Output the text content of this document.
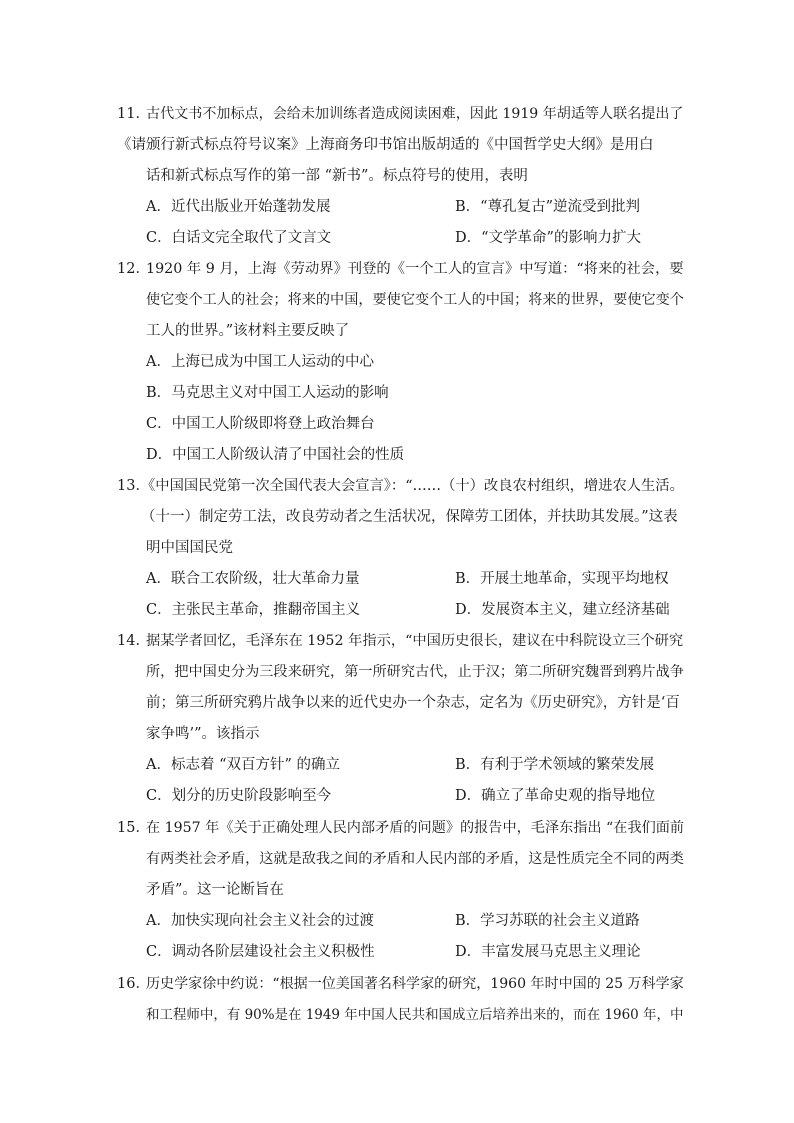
11．
古代文书不加标点，会给未加训练者造成阅读困难，因此 1919 年胡适等人联名提出了
《请颁行新式标点符号议案》上海商务印书馆出版胡适的《中国哲学史大纲》是用白
话和新式标点写作的第一部 “新书”。标点符号的使用，表明
A．近代出版业开始蓬勃发展	B．“尊孔复古”逆流受到批判
C．白话文完全取代了文言文	D．“文学革命”的影响力扩大
12．
1920 年 9 月，上海《劳动界》刊登的《一个工人的宣言》中写道：“将来的社会，要
使它变个工人的社会；将来的中国，要使它变个工人的中国；将来的世界，要使它变个
工人的世界。”该材料主要反映了
A．上海已成为中国工人运动的中心
B．马克思主义对中国工人运动的影响
C．中国工人阶级即将登上政治舞台
D．中国工人阶级认清了中国社会的性质
13．
《中国国民党第一次全国代表大会宣言》：“……（十）改良农村组织，增进农人生活。
（十一）制定劳工法，改良劳动者之生活状况，保障劳工团体，并扶助其发展。”这表
明中国国民党
A．联合工农阶级，壮大革命力量	B．开展土地革命，实现平均地权
C．主张民主革命，推翻帝国主义	D．发展资本主义，建立经济基础
14．
据某学者回忆，毛泽东在 1952 年指示，“中国历史很长，建议在中科院设立三个研究
所，把中国史分为三段来研究，第一所研究古代，止于汉；第二所研究魏晋到鸦片战争
前；第三所研究鸦片战争以来的近代史办一个杂志，定名为《历史研究》，方针是‘百
家争鸣’”。该指示
A．标志着 “双百方针” 的确立	B．有利于学术领域的繁荣发展
C．划分的历史阶段影响至今	D．确立了革命史观的指导地位
15．
在 1957 年《关于正确处理人民内部矛盾的问题》的报告中，毛泽东指出 “在我们面前
有两类社会矛盾，这就是敌我之间的矛盾和人民内部的矛盾，这是性质完全不同的两类
矛盾”。这一论断旨在
A．加快实现向社会主义社会的过渡	B．学习苏联的社会主义道路
C．调动各阶层建设社会主义积极性	D．丰富发展马克思主义理论
16．
历史学家徐中约说：“根据一位美国著名科学家的研究，1960 年时中国的 25 万科学家
和工程师中，有 90%是在 1949 年中国人民共和国成立后培养出来的，而在 1960 年，中
